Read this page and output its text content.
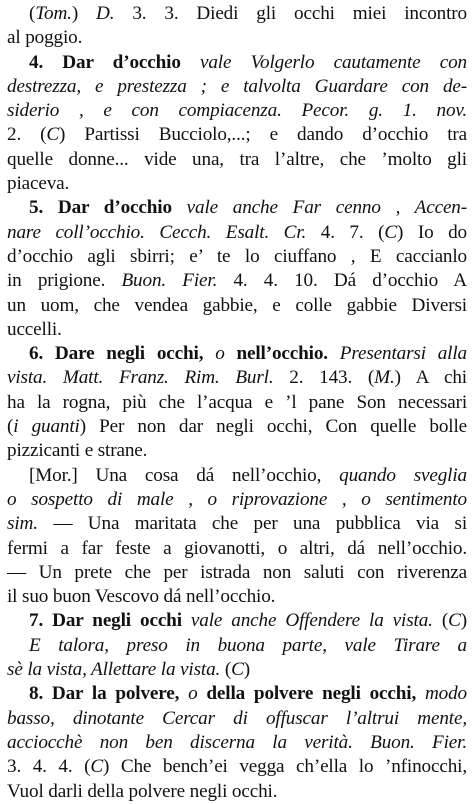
(Tom.) D. 3. 3. Diedi gli occhi miei incontro
al poggio.
4. Dar d’occhio vale Volgerlo cautamente con
destrezza, e prestezza ; e talvolta Guardare con de-
siderio , e con compiacenza. Pecor. g. 1. nov.
2. (C) Partissi Bucciolo,...; e dando d’occhio tra
quelle donne... vide una, tra l’altre, che ’molto gli
piaceva.
5. Dar d’occhio vale anche Far cenno , Accen-
nare coll’occhio. Cecch. Esalt. Cr. 4. 7. (C) Io do
d’occhio agli sbirri; e’ te lo ciuffano , E caccianlo
in prigione. Buon. Fier. 4. 4. 10. Dá d’occhio A
un uom, che vendea gabbie, e colle gabbie Diversi
uccelli.
6. Dare negli occhi, o nell’occhio. Presentarsi alla
vista. Matt. Franz. Rim. Burl. 2. 143. (M.) A chi
ha la rogna, più che l’acqua e ’l pane Son necessari
(i guanti) Per non dar negli occhi, Con quelle bolle
pizzicanti e strane.
[Mor.] Una cosa dá nell’occhio, quando sveglia
o sospetto di male , o riprovazione , o sentimento
sim. — Una maritata che per una pubblica via si
fermi a far feste a giovanotti, o altri, dá nell’occhio.
— Un prete che per istrada non saluti con riverenza
il suo buon Vescovo dá nell’occhio.
7. Dar negli occhi vale anche Offendere la vista. (C)
E talora, preso in buona parte, vale Tirare a
sè la vista, Allettare la vista. (C)
8. Dar la polvere, o della polvere negli occhi, modo
basso, dinotante Cercar di offuscar l’altrui mente,
acciocchè non ben discerna la verità. Buon. Fier.
3. 4. 4. (C) Che bench’ei vegga ch’ella lo ’nfinocchi,
Vuol darli della polvere negli occhi.
